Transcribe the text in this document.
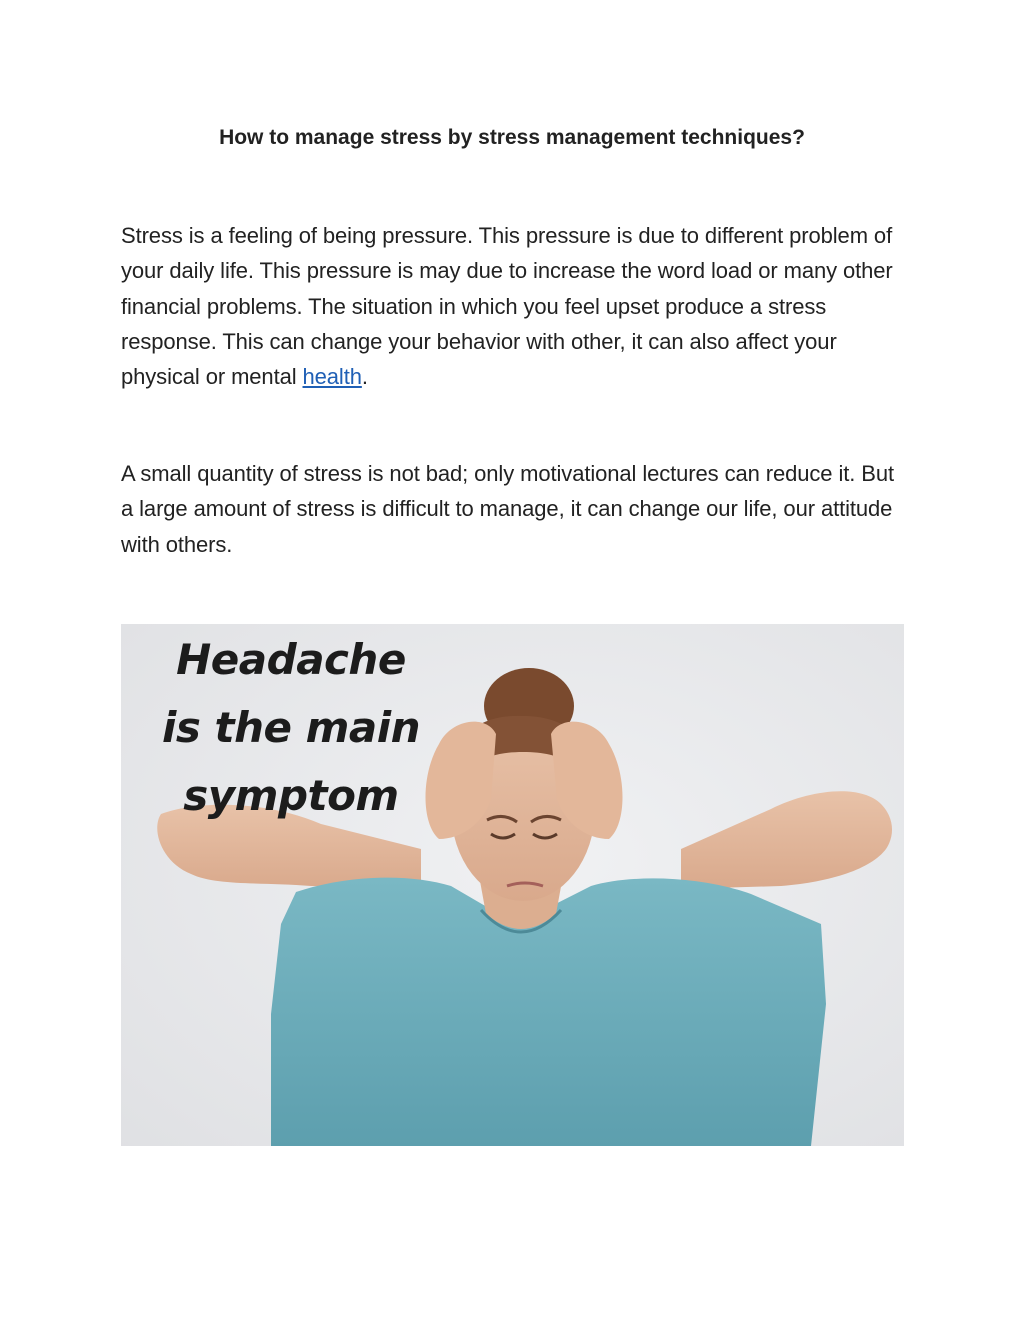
How to manage stress by stress management techniques?

Stress is a feeling of being pressure. This pressure is due to different problem of your daily life. This pressure is may due to increase the word load or many other financial problems. The situation in which you feel upset produce a stress response. This can change your behavior with other, it can also affect your physical or mental health.

A small quantity of stress is not bad; only motivational lectures can reduce it. But a large amount of stress is difficult to manage, it can change our life, our attitude with others.

Headache
is the main
symptom
